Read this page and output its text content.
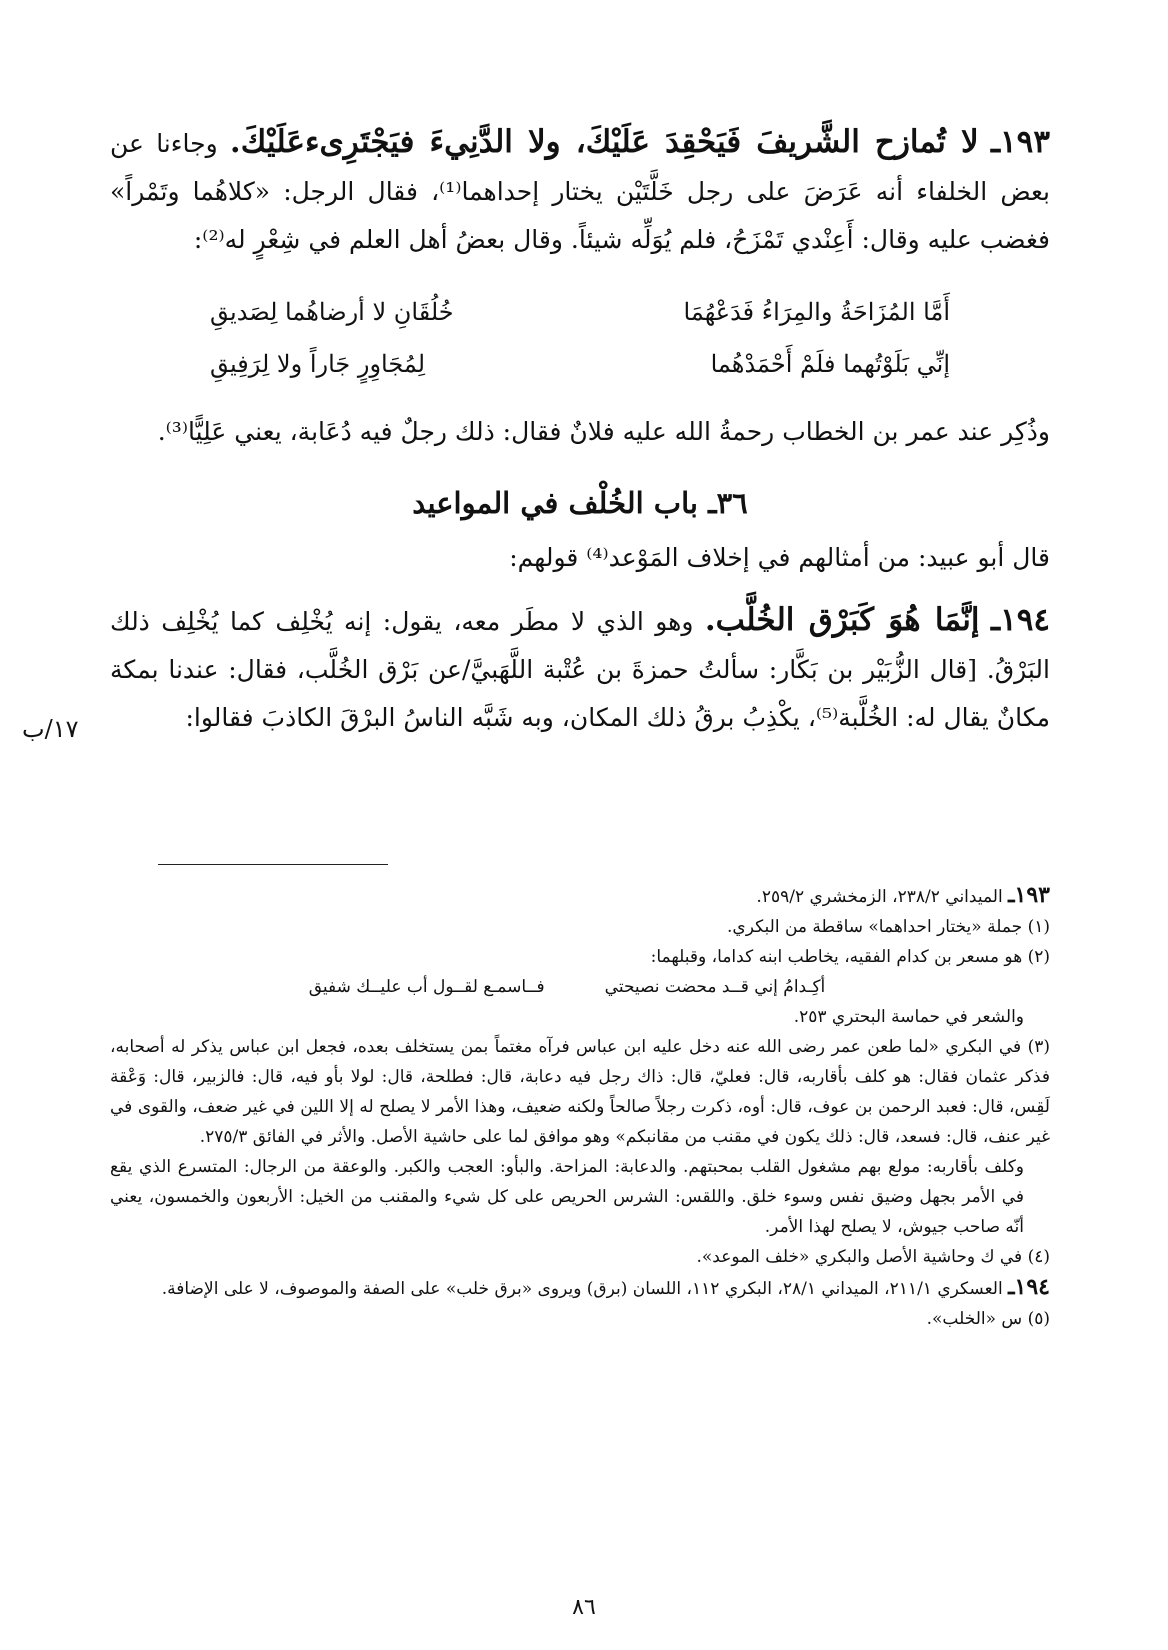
١٩٣ـ لا تُمازح الشَّريفَ فَيَحْقِدَ عَلَيْكَ، ولا الدَّنِيءَ فيَجْتَرِىءعَلَيْكَ. وجاءنا عن بعض الخلفاء أنه عَرَضَ على رجل خَلَّتَيْن يختار إحداهما⁽¹⁾، فقال الرجل: «كلاهُما وتَمْراً» فغضب عليه وقال: أَعِنْدي تَمْزَحُ، فلم يُوَلِّه شيئاً. وقال بعضُ أهل العلم في شِعْرٍ له⁽²⁾:

أَمَّا المُزَاحَةُ والمِرَاءُ فَدَعْهُمَا
خُلُقَانِ لا أرضاهُما لِصَديقِ
إنِّي بَلَوْتُهما فلَمْ أَحْمَدْهُما
لِمُجَاوِرٍ جَاراً ولا لِرَفِيقِ

وذُكِر عند عمر بن الخطاب رحمةُ الله عليه فلانٌ فقال: ذلك رجلٌ فيه دُعَابة، يعني عَلِيًّا⁽³⁾.

٣٦ـ باب الخُلْف في المواعيد

قال أبو عبيد: من أمثالهم في إخلاف المَوْعد⁽⁴⁾ قولهم:

١٩٤ـ إنَّمَا هُوَ كَبَرْق الخُلَّب. وهو الذي لا مطَر معه، يقول: إنه يُخْلِف كما يُخْلِف ذلك البَرْقُ. [قال الزُّبَيْر بن بَكَّار: سألتُ حمزةَ بن عُتْبة اللَّهَبيَّ/عن بَرْق الخُلَّب، فقال: عندنا بمكة مكانٌ يقال له: الخُلَّبة⁽⁵⁾، يكْذِبُ برقُ ذلك المكان، وبه شَبَّه الناسُ البرْقَ الكاذبَ فقالوا:

١٧/ب

١٩٣ـ الميداني ٢٣٨/٢، الزمخشري ٢٥٩/٢.

(١) جملة «يختار احداهما» ساقطة من البكري.

(٢) هو مسعر بن كدام الفقيه، يخاطب ابنه كداما، وقبلهما:

أكِـدامُ إني قــد محضت نصيحتي
فــاسمـع لقــول أب عليــك شفيق

والشعر في حماسة البحتري ٢٥٣.

(٣) في البكري «لما طعن عمر رضى الله عنه دخل عليه ابن عباس فرآه مغتماً بمن يستخلف بعده، فجعل ابن عباس يذكر له أصحابه، فذكر عثمان فقال: هو كلف بأقاربه، قال: فعليّ، قال: ذاك رجل فيه دعابة، قال: فطلحة، قال: لولا بأو فيه، قال: فالزبير، قال: وَعْقة لَقِس، قال: فعبد الرحمن بن عوف، قال: أوه، ذكرت رجلاً صالحاً ولكنه ضعيف، وهذا الأمر لا يصلح له إلا اللين في غير ضعف، والقوى في غير عنف، قال: فسعد، قال: ذلك يكون في مقنب من مقانبكم» وهو موافق لما على حاشية الأصل. والأثر في الفائق ٢٧٥/٣.

وكلف بأقاربه: مولع بهم مشغول القلب بمحبتهم. والدعابة: المزاحة. والبأو: العجب والكبر. والوعقة من الرجال: المتسرع الذي يقع في الأمر بجهل وضيق نفس وسوء خلق. واللقس: الشرس الحريص على كل شيء والمقنب من الخيل: الأربعون والخمسون، يعني أنّه صاحب جيوش، لا يصلح لهذا الأمر.

(٤) في ك وحاشية الأصل والبكري «خلف الموعد».

١٩٤ـ العسكري ٢١١/١، الميداني ٢٨/١، البكري ١١٢، اللسان (برق) ويروى «برق خلب» على الصفة والموصوف، لا على الإضافة.

(٥) س «الخلب».

٨٦
